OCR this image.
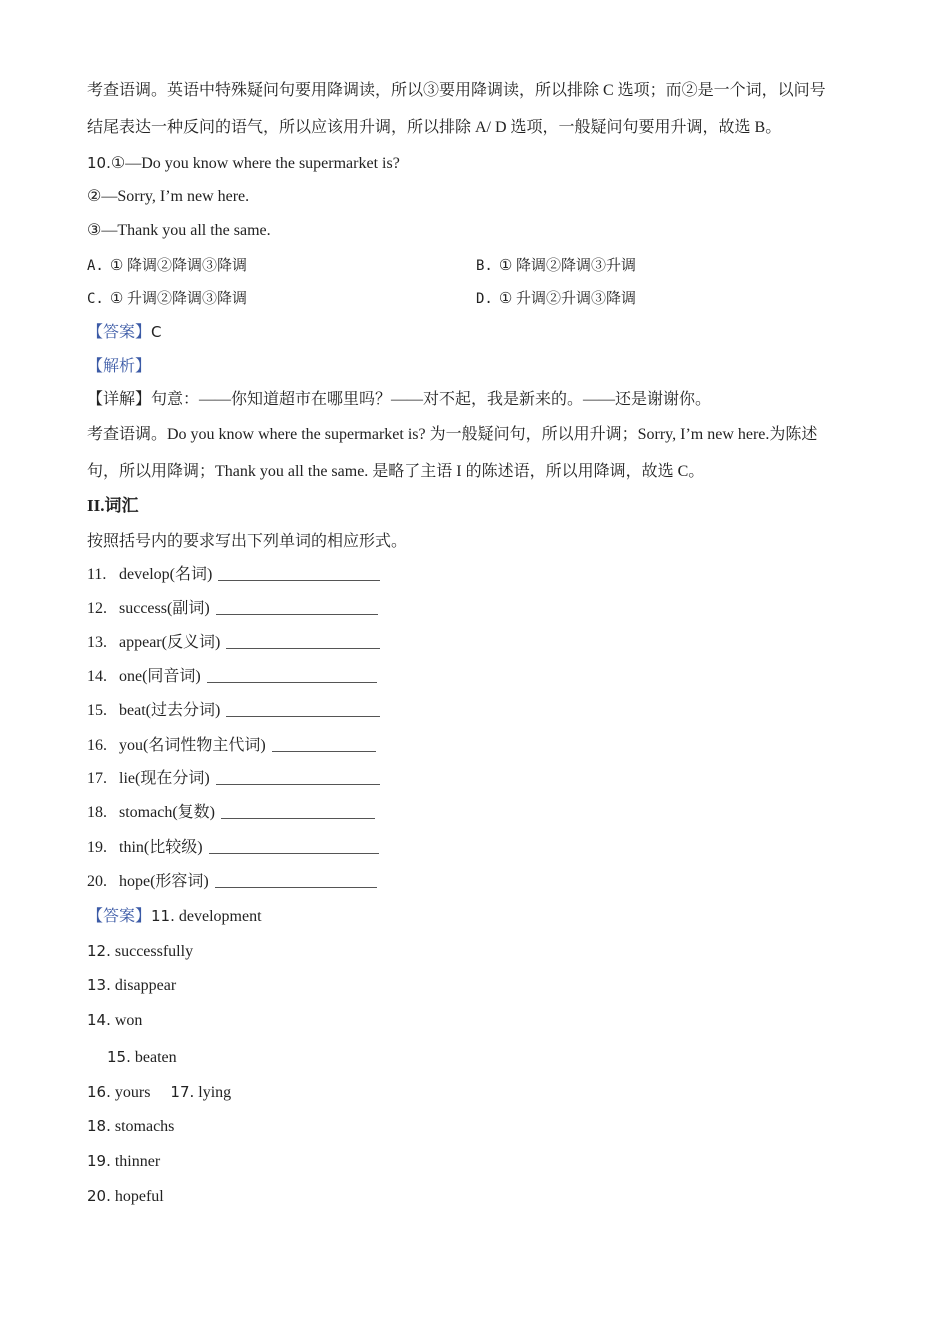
考查语调。英语中特殊疑问句要用降调读，所以③要用降调读，所以排除 C 选项；而②是一个词，以问号
结尾表达一种反问的语气，所以应该用升调，所以排除 A/ D 选项，一般疑问句要用升调，故选 B。
10.①—Do you know where the supermarket is?
②—Sorry, I’m new here.
③—Thank you all the same.
A. ① 降调②降调③降调	B. ① 降调②降调③升调
C. ① 升调②降调③降调	D. ① 升调②升调③降调
【答案】C
【解析】
【详解】句意：——你知道超市在哪里吗？——对不起，我是新来的。——还是谢谢你。
考查语调。Do you know where the supermarket is? 为一般疑问句，所以用升调；Sorry, I’m new here.为陈述
句，所以用降调；Thank you all the same. 是略了主语 I 的陈述语，所以用降调，故选 C。
II.词汇
按照括号内的要求写出下列单词的相应形式。
11. develop(名词)
12. success(副词)
13. appear(反义词)
14. one(同音词)
15. beat(过去分词)
16. you(名词性物主代词)
17. lie(现在分词)
18. stomach(复数)
19. thin(比较级)
20. hope(形容词)
【答案】11. development
12. successfully
13. disappear
14. won
15. beaten
16. yours 17. lying
18. stomachs
19. thinner
20. hopeful
